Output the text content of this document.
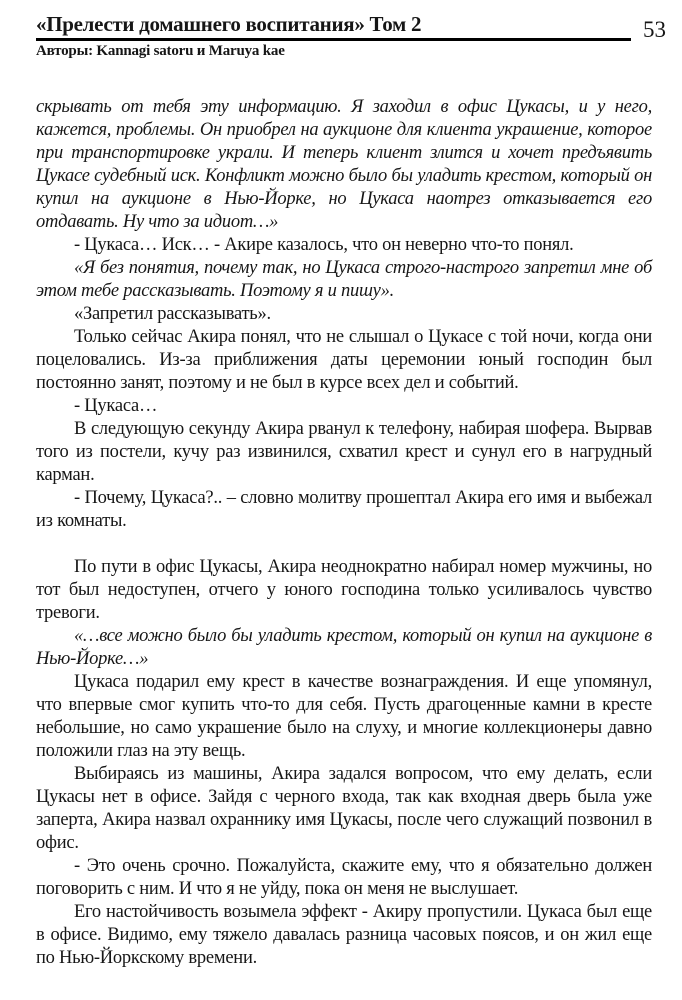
«Прелести домашнего воспитания» Том 2	53
Авторы: Kannagi satoru и Maruya kae

скрывать от тебя эту информацию. Я заходил в офис Цукасы, и у него, кажется, проблемы. Он приобрел на аукционе для клиента украшение, которое при транспортировке украли. И теперь клиент злится и хочет предъявить Цукасе судебный иск. Конфликт можно было бы уладить крестом, который он купил на аукционе в Нью-Йорке, но Цукаса наотрез отказывается его отдавать. Ну что за идиот…»

- Цукаса… Иск… - Акире казалось, что он неверно что-то понял.

«Я без понятия, почему так, но Цукаса строго-настрого запретил мне об этом тебе рассказывать. Поэтому я и пишу».

«Запретил рассказывать».

Только сейчас Акира понял, что не слышал о Цукасе с той ночи, когда они поцеловались. Из-за приближения даты церемонии юный господин был постоянно занят, поэтому и не был в курсе всех дел и событий.

- Цукаса…

В следующую секунду Акира рванул к телефону, набирая шофера. Вырвав того из постели, кучу раз извинился, схватил крест и сунул его в нагрудный карман.

- Почему, Цукаса?.. – словно молитву прошептал Акира его имя и выбежал из комнаты.

По пути в офис Цукасы, Акира неоднократно набирал номер мужчины, но тот был недоступен, отчего у юного господина только усиливалось чувство тревоги.

«…все можно было бы уладить крестом, который он купил на аукционе в Нью-Йорке…»

Цукаса подарил ему крест в качестве вознаграждения. И еще упомянул, что впервые смог купить что-то для себя. Пусть драгоценные камни в кресте небольшие, но само украшение было на слуху, и многие коллекционеры давно положили глаз на эту вещь.

Выбираясь из машины, Акира задался вопросом, что ему делать, если Цукасы нет в офисе. Зайдя с черного входа, так как входная дверь была уже заперта, Акира назвал охраннику имя Цукасы, после чего служащий позвонил в офис.

- Это очень срочно. Пожалуйста, скажите ему, что я обязательно должен поговорить с ним. И что я не уйду, пока он меня не выслушает.

Его настойчивость возымела эффект - Акиру пропустили. Цукаса был еще в офисе. Видимо, ему тяжело давалась разница часовых поясов, и он жил еще по Нью-Йоркскому времени.
